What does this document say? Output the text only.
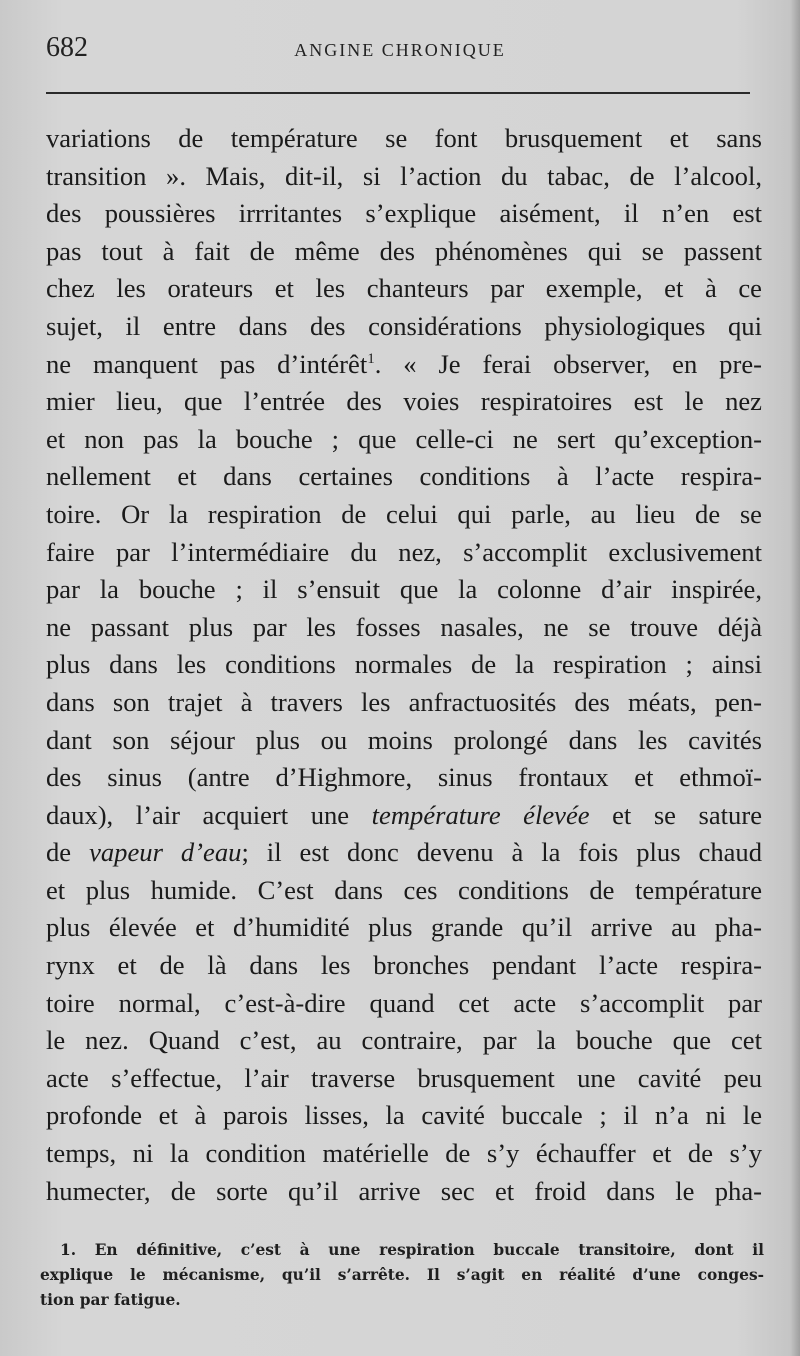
682	ANGINE CHRONIQUE
variations de température se font brusquement et sans
transition ». Mais, dit-il, si l’action du tabac, de l’alcool,
des poussières irrritantes s’explique aisément, il n’en est
pas tout à fait de même des phénomènes qui se passent
chez les orateurs et les chanteurs par exemple, et à ce
sujet, il entre dans des considérations physiologiques qui
ne manquent pas d’intérêt$^1$. « Je ferai observer, en pre-
mier lieu, que l’entrée des voies respiratoires est le nez
et non pas la bouche ; que celle-ci ne sert qu’exception-
nellement et dans certaines conditions à l’acte respira-
toire. Or la respiration de celui qui parle, au lieu de se
faire par l’intermédiaire du nez, s’accomplit exclusivement
par la bouche ; il s’ensuit que la colonne d’air inspirée,
ne passant plus par les fosses nasales, ne se trouve déjà
plus dans les conditions normales de la respiration ; ainsi
dans son trajet à travers les anfractuosités des méats, pen-
dant son séjour plus ou moins prolongé dans les cavités
des sinus (antre d’Highmore, sinus frontaux et ethmoï-
daux), l’air acquiert une température élevée et se sature
de vapeur d’eau; il est donc devenu à la fois plus chaud
et plus humide. C’est dans ces conditions de température
plus élevée et d’humidité plus grande qu’il arrive au pha-
rynx et de là dans les bronches pendant l’acte respira-
toire normal, c’est-à-dire quand cet acte s’accomplit par
le nez. Quand c’est, au contraire, par la bouche que cet
acte s’effectue, l’air traverse brusquement une cavité peu
profonde et à parois lisses, la cavité buccale ; il n’a ni le
temps, ni la condition matérielle de s’y échauffer et de s’y
humecter, de sorte qu’il arrive sec et froid dans le pha-
1. En définitive, c’est à une respiration buccale transitoire, dont il
explique le mécanisme, qu’il s’arrête. Il s’agit en réalité d’une conges-
tion par fatigue.
